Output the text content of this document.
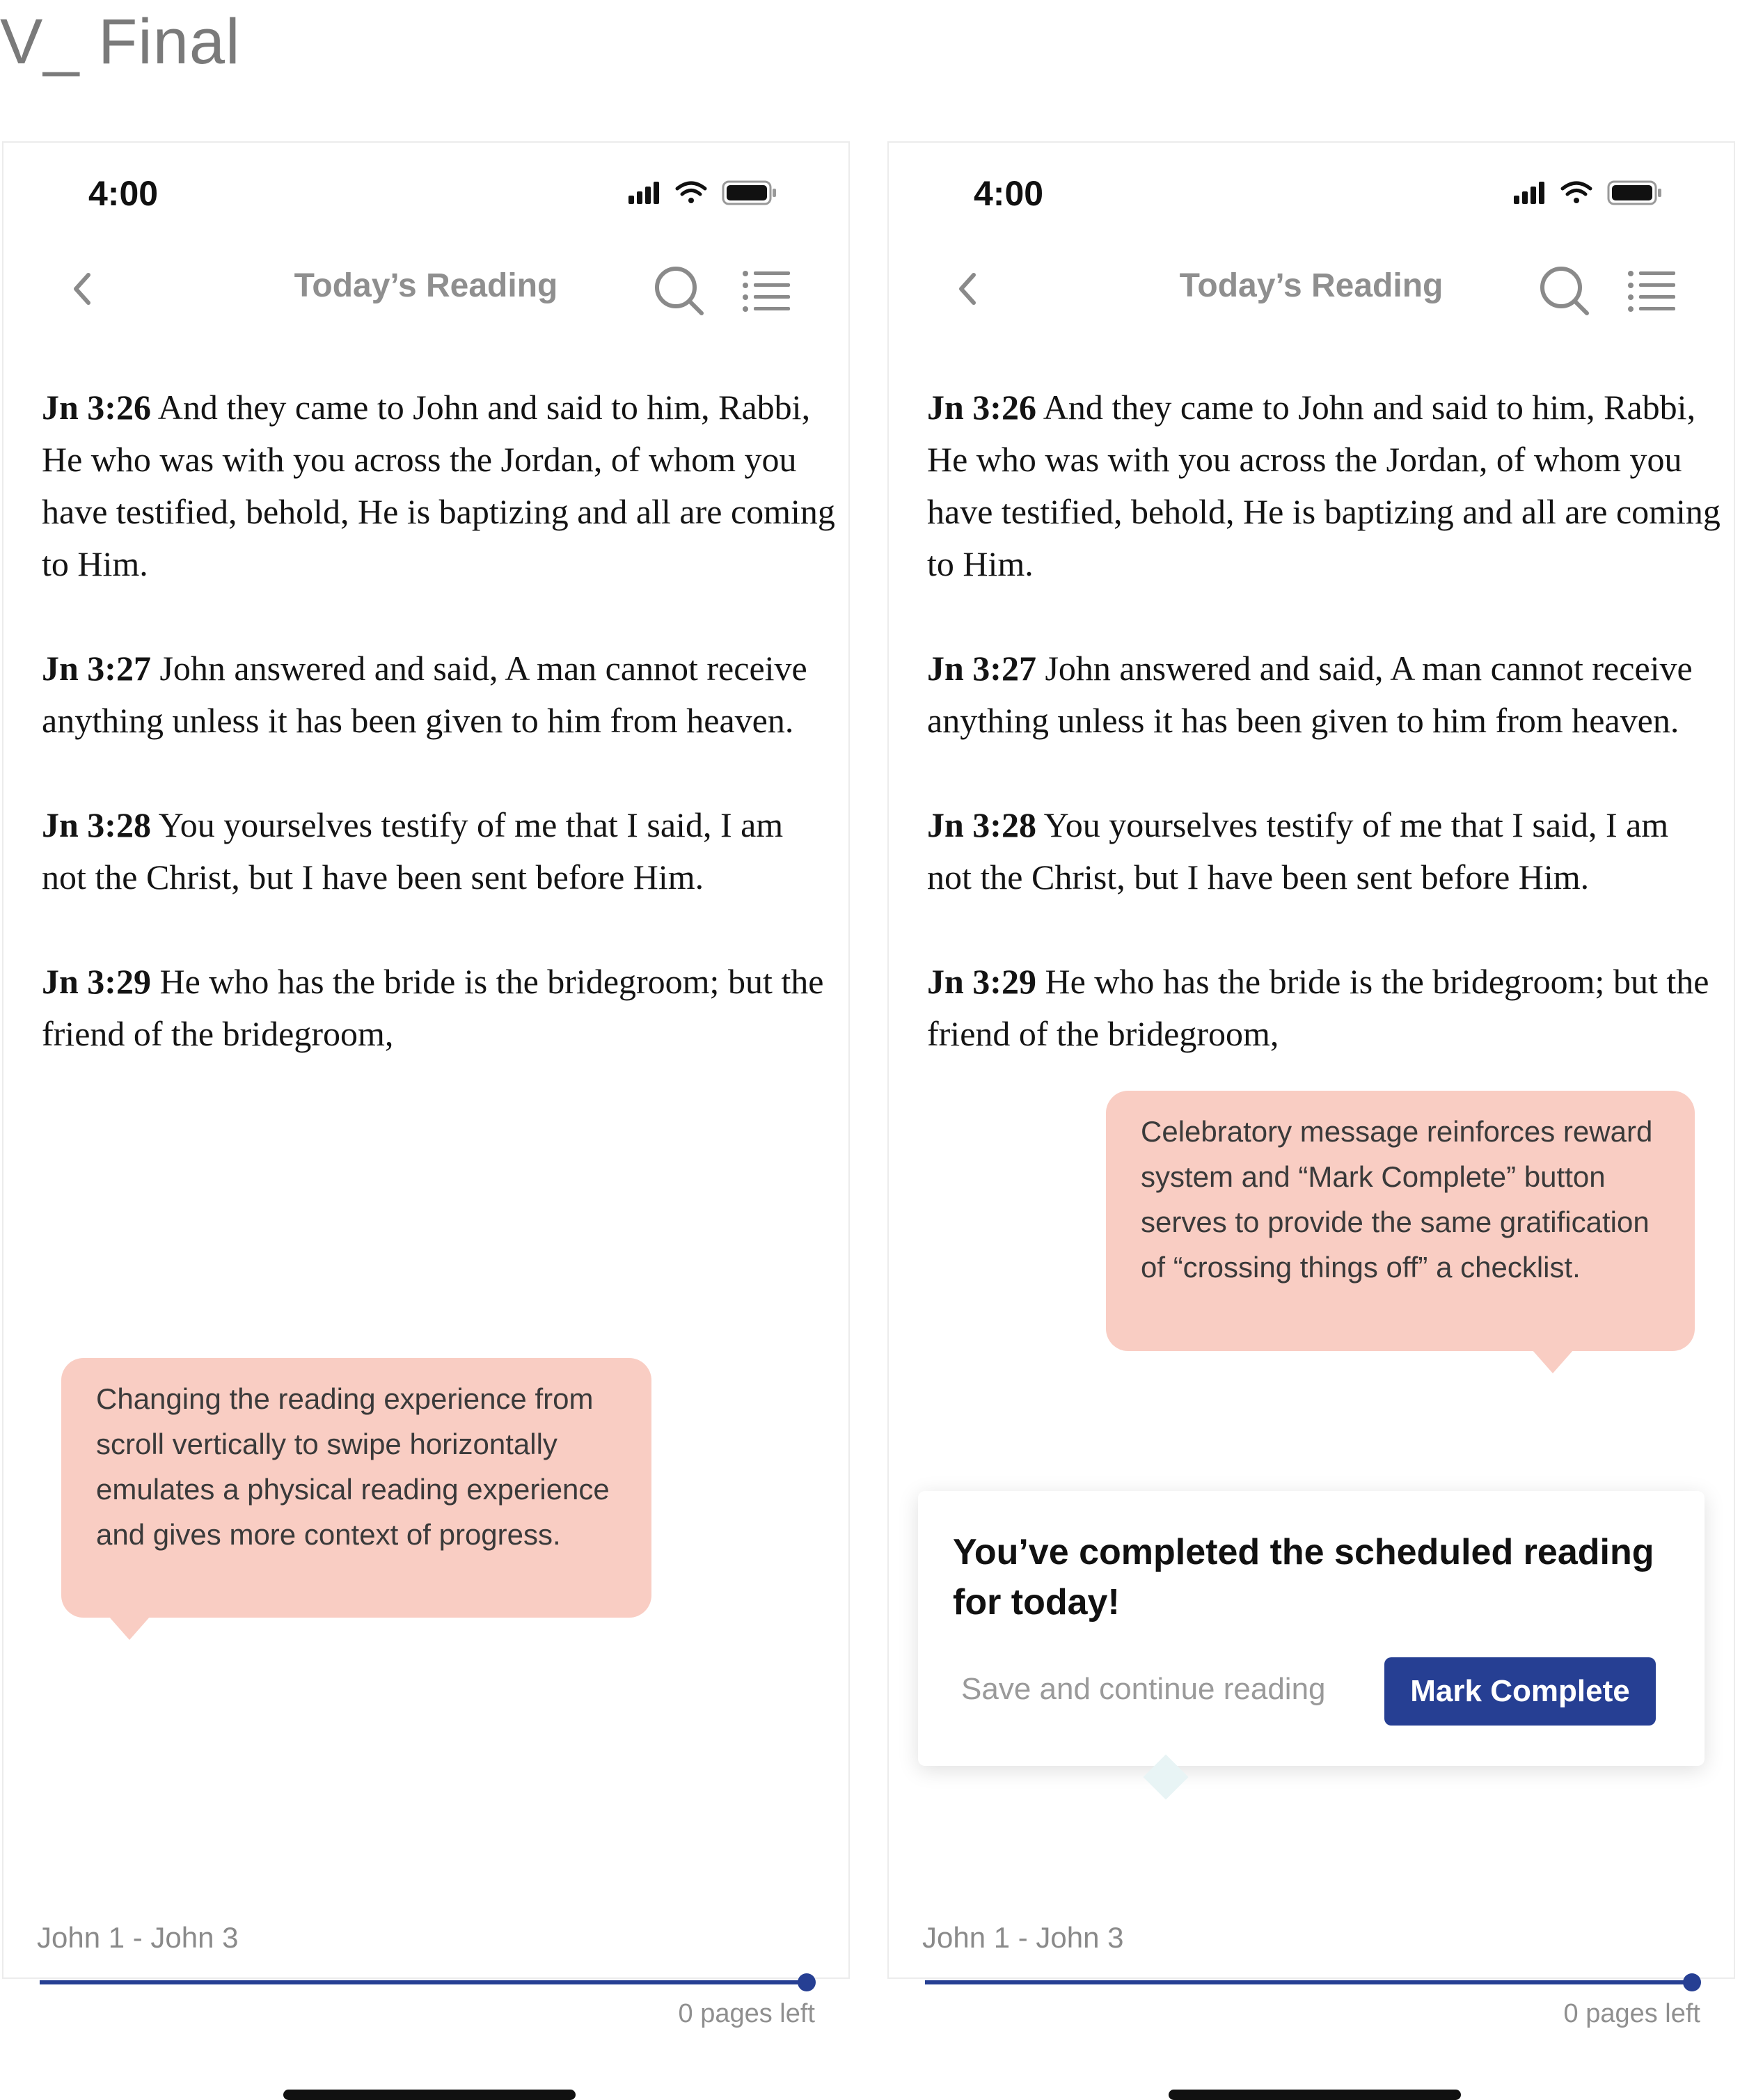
V_ Final
4:00
Today’s Reading

Jn 3:26 And they came to John and said to him, Rabbi, He who was with you across the Jordan, of whom you have testified, behold, He is baptizing and all are coming to Him.

Jn 3:27 John answered and said, A man cannot receive anything unless it has been given to him from heaven.

Jn 3:28 You yourselves testify of me that I said, I am not the Christ, but I have been sent before Him.

Jn 3:29 He who has the bride is the bridegroom; but the friend of the bridegroom,

John 1 - John 3
0 pages left
4:00
Today’s Reading

Jn 3:26 And they came to John and said to him, Rabbi, He who was with you across the Jordan, of whom you have testified, behold, He is baptizing and all are coming to Him.

Jn 3:27 John answered and said, A man cannot receive anything unless it has been given to him from heaven.

Jn 3:28 You yourselves testify of me that I said, I am not the Christ, but I have been sent before Him.

Jn 3:29 He who has the bride is the bridegroom; but the friend of the bridegroom,

You’ve completed the scheduled reading for today!
Save and continue reading	Mark Complete
John 1 - John 3
0 pages left
Changing the reading experience from scroll vertically to swipe horizontally emulates a physical reading experience and gives more context of progress.
Celebratory message reinforces reward system and “Mark Complete” button serves to provide the same gratification of “crossing things off” a checklist.
